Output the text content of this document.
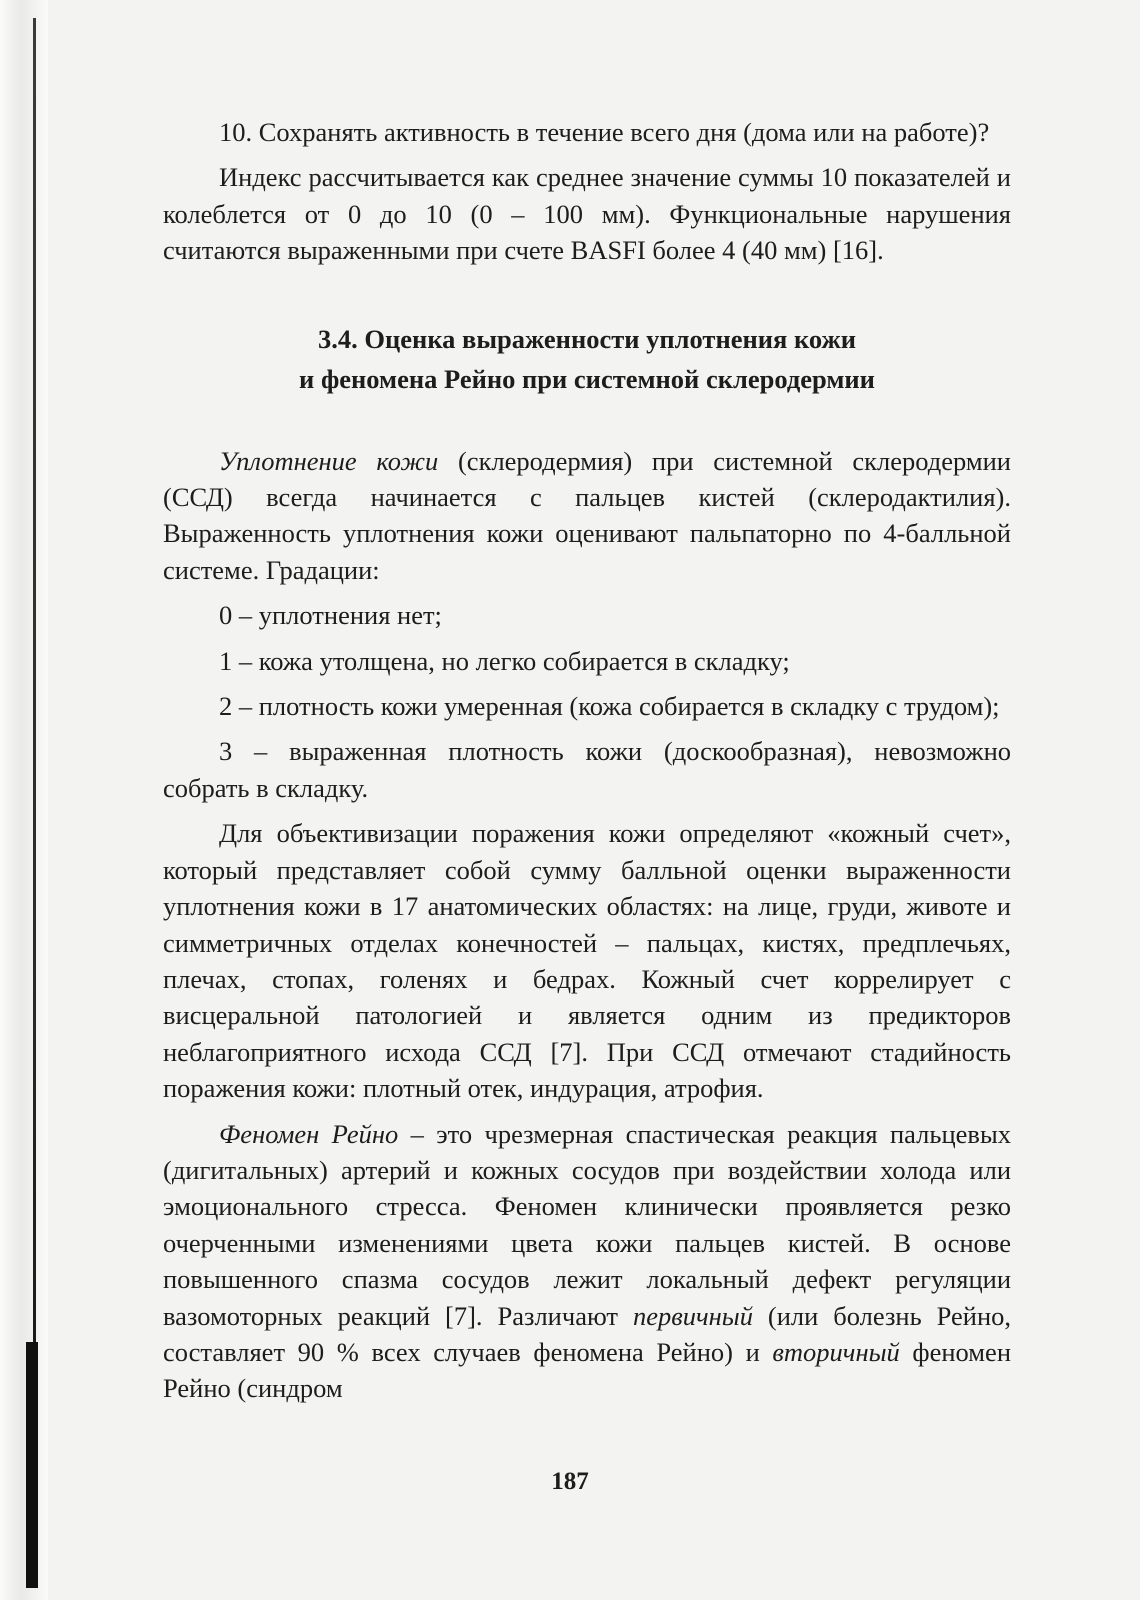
10. Сохранять активность в течение всего дня (дома или на работе)?

Индекс рассчитывается как среднее значение суммы 10 показателей и колеблется от 0 до 10 (0 – 100 мм). Функциональные нарушения считаются выраженными при счете BASFI более 4 (40 мм) [16].

3.4. Оценка выраженности уплотнения кожи
и феномена Рейно при системной склеродермии

Уплотнение кожи (склеродермия) при системной склеродермии (ССД) всегда начинается с пальцев кистей (склеродактилия). Выраженность уплотнения кожи оценивают пальпаторно по 4-балльной системе. Градации:

0 – уплотнения нет;

1 – кожа утолщена, но легко собирается в складку;

2 – плотность кожи умеренная (кожа собирается в складку с трудом);

3 – выраженная плотность кожи (доскообразная), невозможно собрать в складку.

Для объективизации поражения кожи определяют «кожный счет», который представляет собой сумму балльной оценки выраженности уплотнения кожи в 17 анатомических областях: на лице, груди, животе и симметричных отделах конечностей – пальцах, кистях, предплечьях, плечах, стопах, голенях и бедрах. Кожный счет коррелирует с висцеральной патологией и является одним из предикторов неблагоприятного исхода ССД [7]. При ССД отмечают стадийность поражения кожи: плотный отек, индурация, атрофия.

Феномен Рейно – это чрезмерная спастическая реакция пальцевых (дигитальных) артерий и кожных сосудов при воздействии холода или эмоционального стресса. Феномен клинически проявляется резко очерченными изменениями цвета кожи пальцев кистей. В основе повышенного спазма сосудов лежит локальный дефект регуляции вазомоторных реакций [7]. Различают первичный (или болезнь Рейно, составляет 90 % всех случаев феномена Рейно) и вторичный феномен Рейно (синдром

187
